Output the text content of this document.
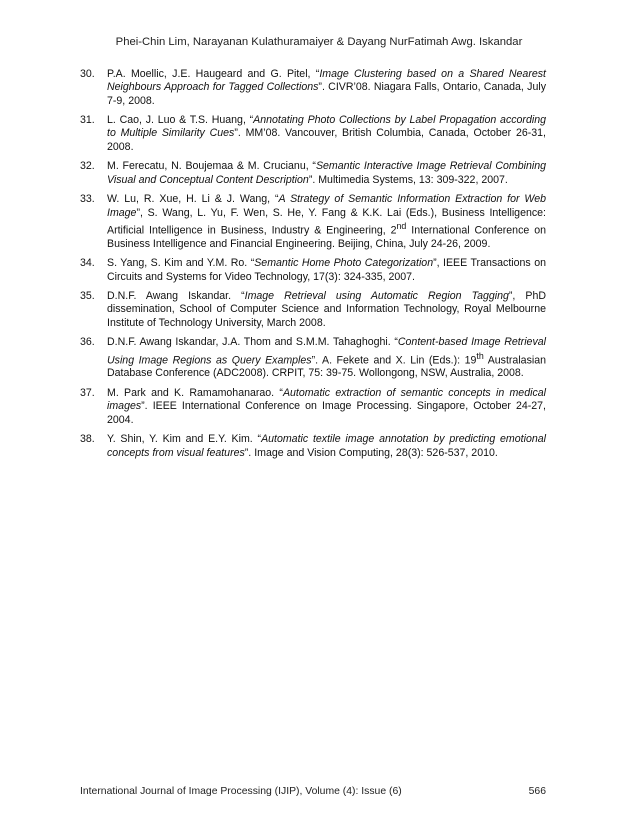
Phei-Chin Lim, Narayanan Kulathuramaiyer & Dayang NurFatimah Awg. Iskandar
30. P.A. Moellic, J.E. Haugeard and G. Pitel, “Image Clustering based on a Shared Nearest Neighbours Approach for Tagged Collections”. CIVR’08. Niagara Falls, Ontario, Canada, July 7-9, 2008.
31. L. Cao, J. Luo & T.S. Huang, “Annotating Photo Collections by Label Propagation according to Multiple Similarity Cues”. MM’08. Vancouver, British Columbia, Canada, October 26-31, 2008.
32. M. Ferecatu, N. Boujemaa & M. Crucianu, “Semantic Interactive Image Retrieval Combining Visual and Conceptual Content Description”. Multimedia Systems, 13: 309-322, 2007.
33. W. Lu, R. Xue, H. Li & J. Wang, “A Strategy of Semantic Information Extraction for Web Image”, S. Wang, L. Yu, F. Wen, S. He, Y. Fang & K.K. Lai (Eds.), Business Intelligence: Artificial Intelligence in Business, Industry & Engineering, 2nd International Conference on Business Intelligence and Financial Engineering. Beijing, China, July 24-26, 2009.
34. S. Yang, S. Kim and Y.M. Ro. “Semantic Home Photo Categorization”, IEEE Transactions on Circuits and Systems for Video Technology, 17(3): 324-335, 2007.
35. D.N.F. Awang Iskandar. “Image Retrieval using Automatic Region Tagging”, PhD dissemination, School of Computer Science and Information Technology, Royal Melbourne Institute of Technology University, March 2008.
36. D.N.F. Awang Iskandar, J.A. Thom and S.M.M. Tahaghoghi. “Content-based Image Retrieval Using Image Regions as Query Examples”. A. Fekete and X. Lin (Eds.): 19th Australasian Database Conference (ADC2008). CRPIT, 75: 39-75. Wollongong, NSW, Australia, 2008.
37. M. Park and K. Ramamohanarao. “Automatic extraction of semantic concepts in medical images”. IEEE International Conference on Image Processing. Singapore, October 24-27, 2004.
38. Y. Shin, Y. Kim and E.Y. Kim. “Automatic textile image annotation by predicting emotional concepts from visual features”. Image and Vision Computing, 28(3): 526-537, 2010.
International Journal of Image Processing (IJIP), Volume (4): Issue (6)	566
